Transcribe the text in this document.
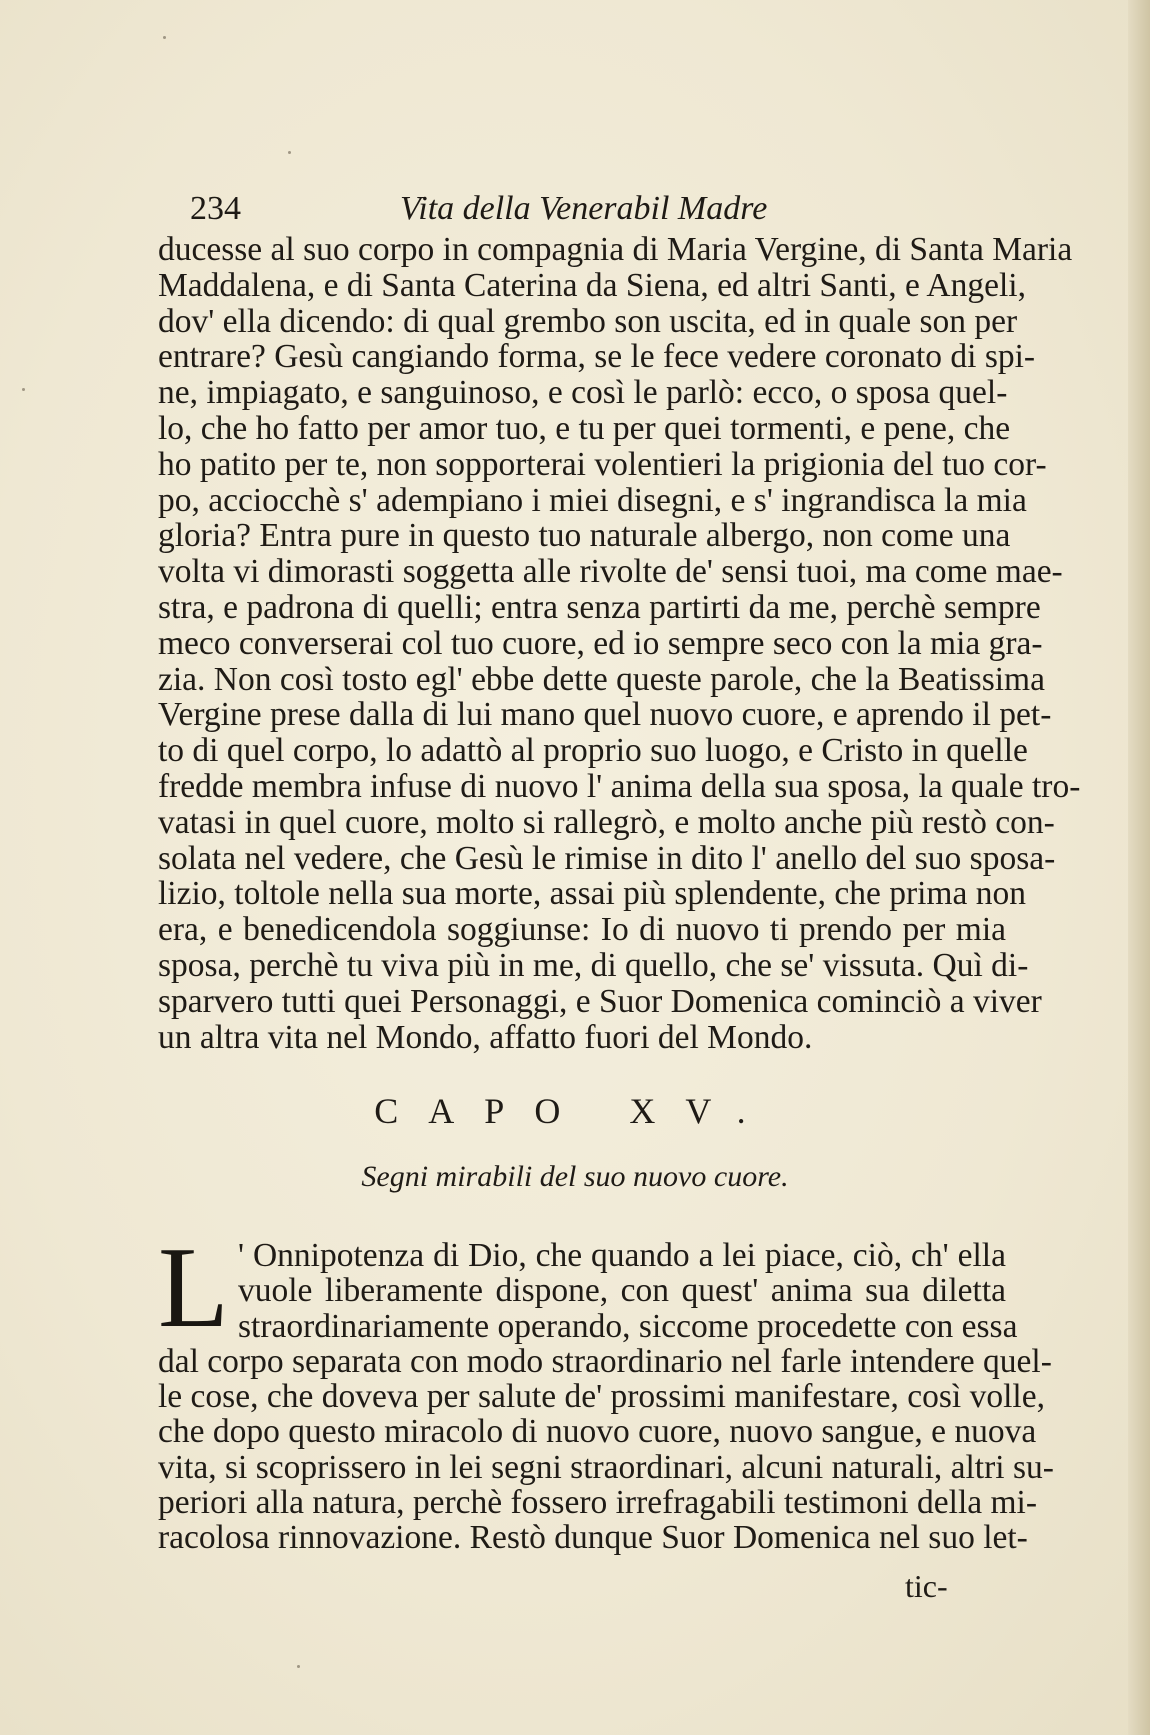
234	Vita della Venerabil Madre
ducesse al suo corpo in compagnia di Maria Vergine, di Santa Maria
Maddalena, e di Santa Caterina da Siena, ed altri Santi, e Angeli,
dov' ella dicendo: di qual grembo son uscita, ed in quale son per
entrare? Gesù cangiando forma, se le fece vedere coronato di spi-
ne, impiagato, e sanguinoso, e così le parlò: ecco, o sposa quel-
lo, che ho fatto per amor tuo, e tu per quei tormenti, e pene, che
ho patito per te, non sopporterai volentieri la prigionia del tuo cor-
po, acciocchè s' adempiano i miei disegni, e s' ingrandisca la mia
gloria? Entra pure in questo tuo naturale albergo, non come una
volta vi dimorasti soggetta alle rivolte de' sensi tuoi, ma come mae-
stra, e padrona di quelli; entra senza partirti da me, perchè sempre
meco converserai col tuo cuore, ed io sempre seco con la mia gra-
zia. Non così tosto egl' ebbe dette queste parole, che la Beatissima
Vergine prese dalla di lui mano quel nuovo cuore, e aprendo il pet-
to di quel corpo, lo adattò al proprio suo luogo, e Cristo in quelle
fredde membra infuse di nuovo l' anima della sua sposa, la quale tro-
vatasi in quel cuore, molto si rallegrò, e molto anche più restò con-
solata nel vedere, che Gesù le rimise in dito l' anello del suo sposa-
lizio, toltole nella sua morte, assai più splendente, che prima non
era, e benedicendola soggiunse: Io di nuovo ti prendo per mia
sposa, perchè tu viva più in me, di quello, che se' vissuta. Quì di-
sparvero tutti quei Personaggi, e Suor Domenica cominciò a viver
un altra vita nel Mondo, affatto fuori del Mondo.
CAPO XV.
Segni mirabili del suo nuovo cuore.
L ' Onnipotenza di Dio, che quando a lei piace, ciò, ch' ella
vuole liberamente dispone, con quest' anima sua diletta
straordinariamente operando, siccome procedette con essa
dal corpo separata con modo straordinario nel farle intendere quel-
le cose, che doveva per salute de' prossimi manifestare, così volle,
che dopo questo miracolo di nuovo cuore, nuovo sangue, e nuova
vita, si scoprissero in lei segni straordinari, alcuni naturali, altri su-
periori alla natura, perchè fossero irrefragabili testimoni della mi-
racolosa rinnovazione. Restò dunque Suor Domenica nel suo let-
tic-
